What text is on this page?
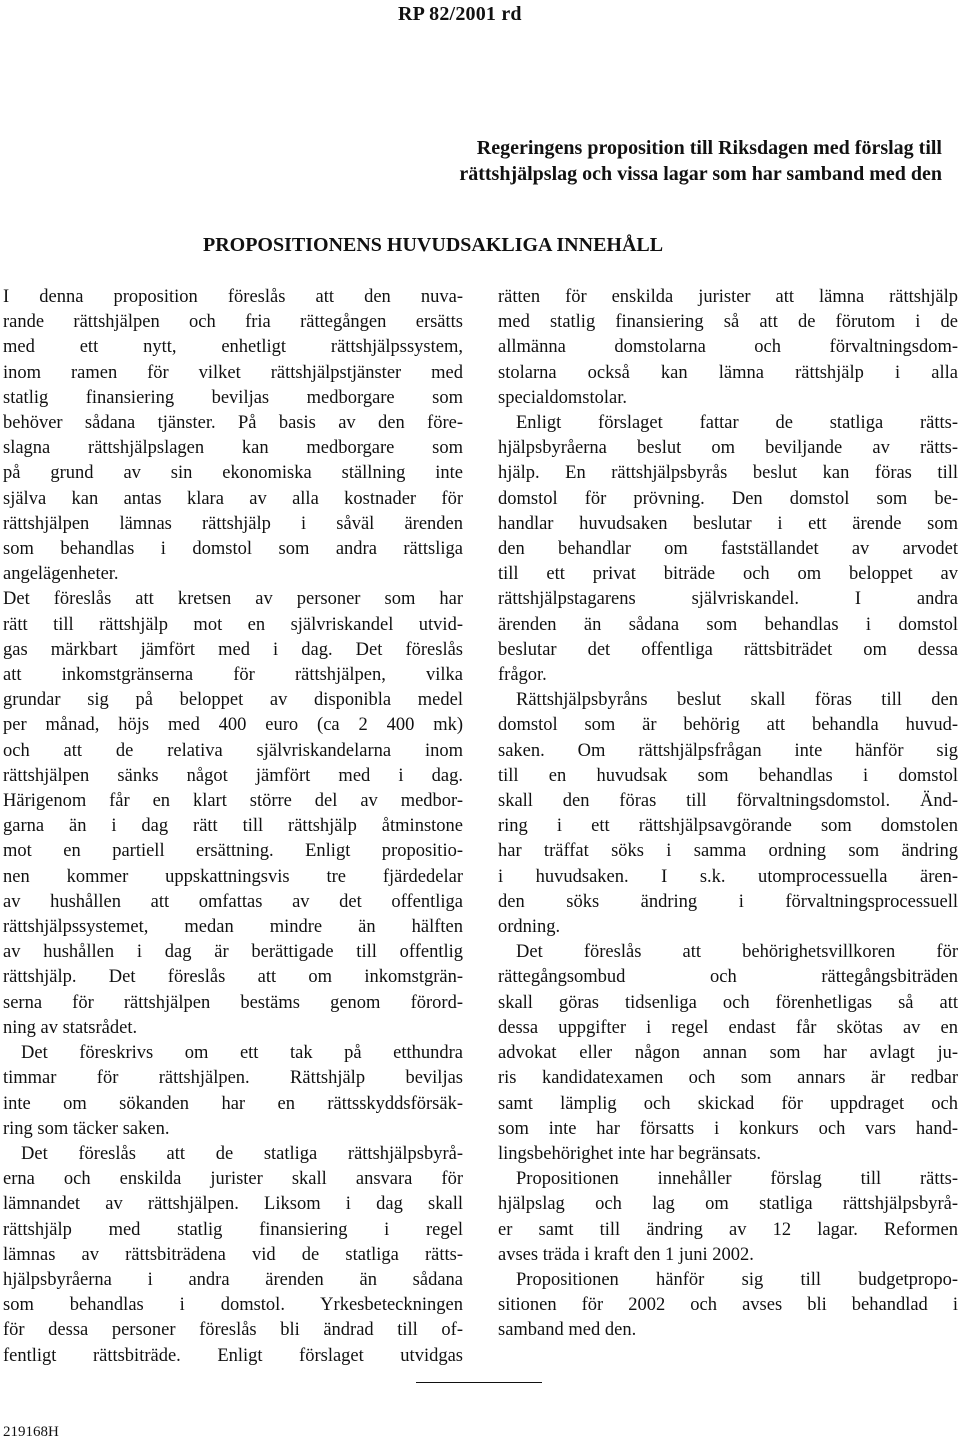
RP 82/2001 rd
Regeringens proposition till Riksdagen med förslag till
rättshjälpslag och vissa lagar som har samband med den
PROPOSITIONENS HUVUDSAKLIGA INNEHÅLL

I denna proposition föreslås att den nuva-

rande rättshjälpen och fria rättegången ersätts

med ett nytt, enhetligt rättshjälpssystem,

inom ramen för vilket rättshjälpstjänster med

statlig finansiering beviljas medborgare som

behöver sådana tjänster. På basis av den före-

slagna rättshjälpslagen kan medborgare som

på grund av sin ekonomiska ställning inte

själva kan antas klara av alla kostnader för

rättshjälpen lämnas rättshjälp i såväl ärenden

som behandlas i domstol som andra rättsliga

angelägenheter.

Det föreslås att kretsen av personer som har

rätt till rättshjälp mot en självriskandel utvid-

gas märkbart jämfört med i dag. Det föreslås

att inkomstgränserna för rättshjälpen, vilka

grundar sig på beloppet av disponibla medel

per månad, höjs med 400 euro (ca 2 400 mk)

och att de relativa självriskandelarna inom

rättshjälpen sänks något jämfört med i dag.

Härigenom får en klart större del av medbor-

garna än i dag rätt till rättshjälp åtminstone

mot en partiell ersättning. Enligt propositio-

nen kommer uppskattningsvis tre fjärdedelar

av hushållen att omfattas av det offentliga

rättshjälpssystemet, medan mindre än hälften

av hushållen i dag är berättigade till offentlig

rättshjälp. Det föreslås att om inkomstgrän-

serna för rättshjälpen bestäms genom förord-

ning av statsrådet.

Det föreskrivs om ett tak på etthundra

timmar för rättshjälpen. Rättshjälp beviljas

inte om sökanden har en rättsskyddsförsäk-

ring som täcker saken.

Det föreslås att de statliga rättshjälpsbyrå-

erna och enskilda jurister skall ansvara för

lämnandet av rättshjälpen. Liksom i dag skall

rättshjälp med statlig finansiering i regel

lämnas av rättsbiträdena vid de statliga rätts-

hjälpsbyråerna i andra ärenden än sådana

som behandlas i domstol. Yrkesbeteckningen

för dessa personer föreslås bli ändrad till of-

fentligt rättsbiträde. Enligt förslaget utvidgas

rätten för enskilda jurister att lämna rättshjälp

med statlig finansiering så att de förutom i de

allmänna domstolarna och förvaltningsdom-

stolarna också kan lämna rättshjälp i alla

specialdomstolar.

Enligt förslaget fattar de statliga rätts-

hjälpsbyråerna beslut om beviljande av rätts-

hjälp. En rättshjälpsbyrås beslut kan föras till

domstol för prövning. Den domstol som be-

handlar huvudsaken beslutar i ett ärende som

den behandlar om fastställandet av arvodet

till ett privat biträde och om beloppet av

rättshjälpstagarens självriskandel. I andra

ärenden än sådana som behandlas i domstol

beslutar det offentliga rättsbiträdet om dessa

frågor.

Rättshjälpsbyråns beslut skall föras till den

domstol som är behörig att behandla huvud-

saken. Om rättshjälpsfrågan inte hänför sig

till en huvudsak som behandlas i domstol

skall den föras till förvaltningsdomstol. Änd-

ring i ett rättshjälpsavgörande som domstolen

har träffat söks i samma ordning som ändring

i huvudsaken. I s.k. utomprocessuella ären-

den söks ändring i förvaltningsprocessuell

ordning.

Det föreslås att behörighetsvillkoren för

rättegångsombud och rättegångsbiträden

skall göras tidsenliga och förenhetligas så att

dessa uppgifter i regel endast får skötas av en

advokat eller någon annan som har avlagt ju-

ris kandidatexamen och som annars är redbar

samt lämplig och skickad för uppdraget och

som inte har försatts i konkurs och vars hand-

lingsbehörighet inte har begränsats.

Propositionen innehåller förslag till rätts-

hjälpslag och lag om statliga rättshjälpsbyrå-

er samt till ändring av 12 lagar. Reformen

avses träda i kraft den 1 juni 2002.

Propositionen hänför sig till budgetpropo-

sitionen för 2002 och avses bli behandlad i

samband med den.

219168H
